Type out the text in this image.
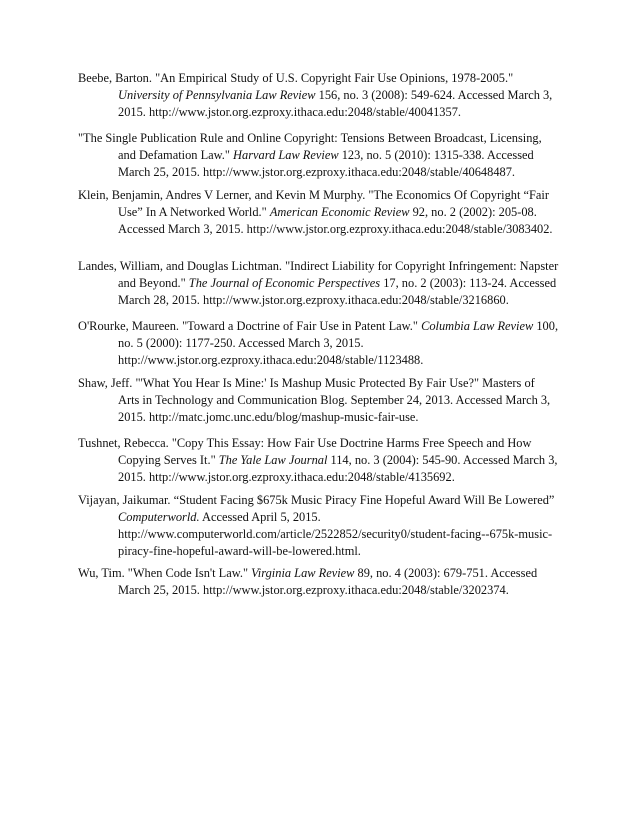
Beebe, Barton. "An Empirical Study of U.S. Copyright Fair Use Opinions, 1978-2005."
University of Pennsylvania Law Review 156, no. 3 (2008): 549-624. Accessed March 3,
2015. http://www.jstor.org.ezproxy.ithaca.edu:2048/stable/40041357.
"The Single Publication Rule and Online Copyright: Tensions Between Broadcast, Licensing,
and Defamation Law." Harvard Law Review 123, no. 5 (2010): 1315-338. Accessed
March 25, 2015. http://www.jstor.org.ezproxy.ithaca.edu:2048/stable/40648487.
Klein, Benjamin, Andres V Lerner, and Kevin M Murphy. "The Economics Of Copyright “Fair
Use” In A Networked World." American Economic Review 92, no. 2 (2002): 205-08.
Accessed March 3, 2015. http://www.jstor.org.ezproxy.ithaca.edu:2048/stable/3083402.
Landes, William, and Douglas Lichtman. "Indirect Liability for Copyright Infringement: Napster
and Beyond." The Journal of Economic Perspectives 17, no. 2 (2003): 113-24. Accessed
March 28, 2015. http://www.jstor.org.ezproxy.ithaca.edu:2048/stable/3216860.
O'Rourke, Maureen. "Toward a Doctrine of Fair Use in Patent Law." Columbia Law Review 100,
no. 5 (2000): 1177-250. Accessed March 3, 2015.
http://www.jstor.org.ezproxy.ithaca.edu:2048/stable/1123488.
Shaw, Jeff. "'What You Hear Is Mine:' Is Mashup Music Protected By Fair Use?" Masters of
Arts in Technology and Communication Blog. September 24, 2013. Accessed March 3,
2015. http://matc.jomc.unc.edu/blog/mashup-music-fair-use.
Tushnet, Rebecca. "Copy This Essay: How Fair Use Doctrine Harms Free Speech and How
Copying Serves It." The Yale Law Journal 114, no. 3 (2004): 545-90. Accessed March 3,
2015. http://www.jstor.org.ezproxy.ithaca.edu:2048/stable/4135692.
Vijayan, Jaikumar. “Student Facing $675k Music Piracy Fine Hopeful Award Will Be Lowered”
Computerworld. Accessed April 5, 2015.
http://www.computerworld.com/article/2522852/security0/student-facing--675k-music-
piracy-fine-hopeful-award-will-be-lowered.html.
Wu, Tim. "When Code Isn't Law." Virginia Law Review 89, no. 4 (2003): 679-751. Accessed
March 25, 2015. http://www.jstor.org.ezproxy.ithaca.edu:2048/stable/3202374.
